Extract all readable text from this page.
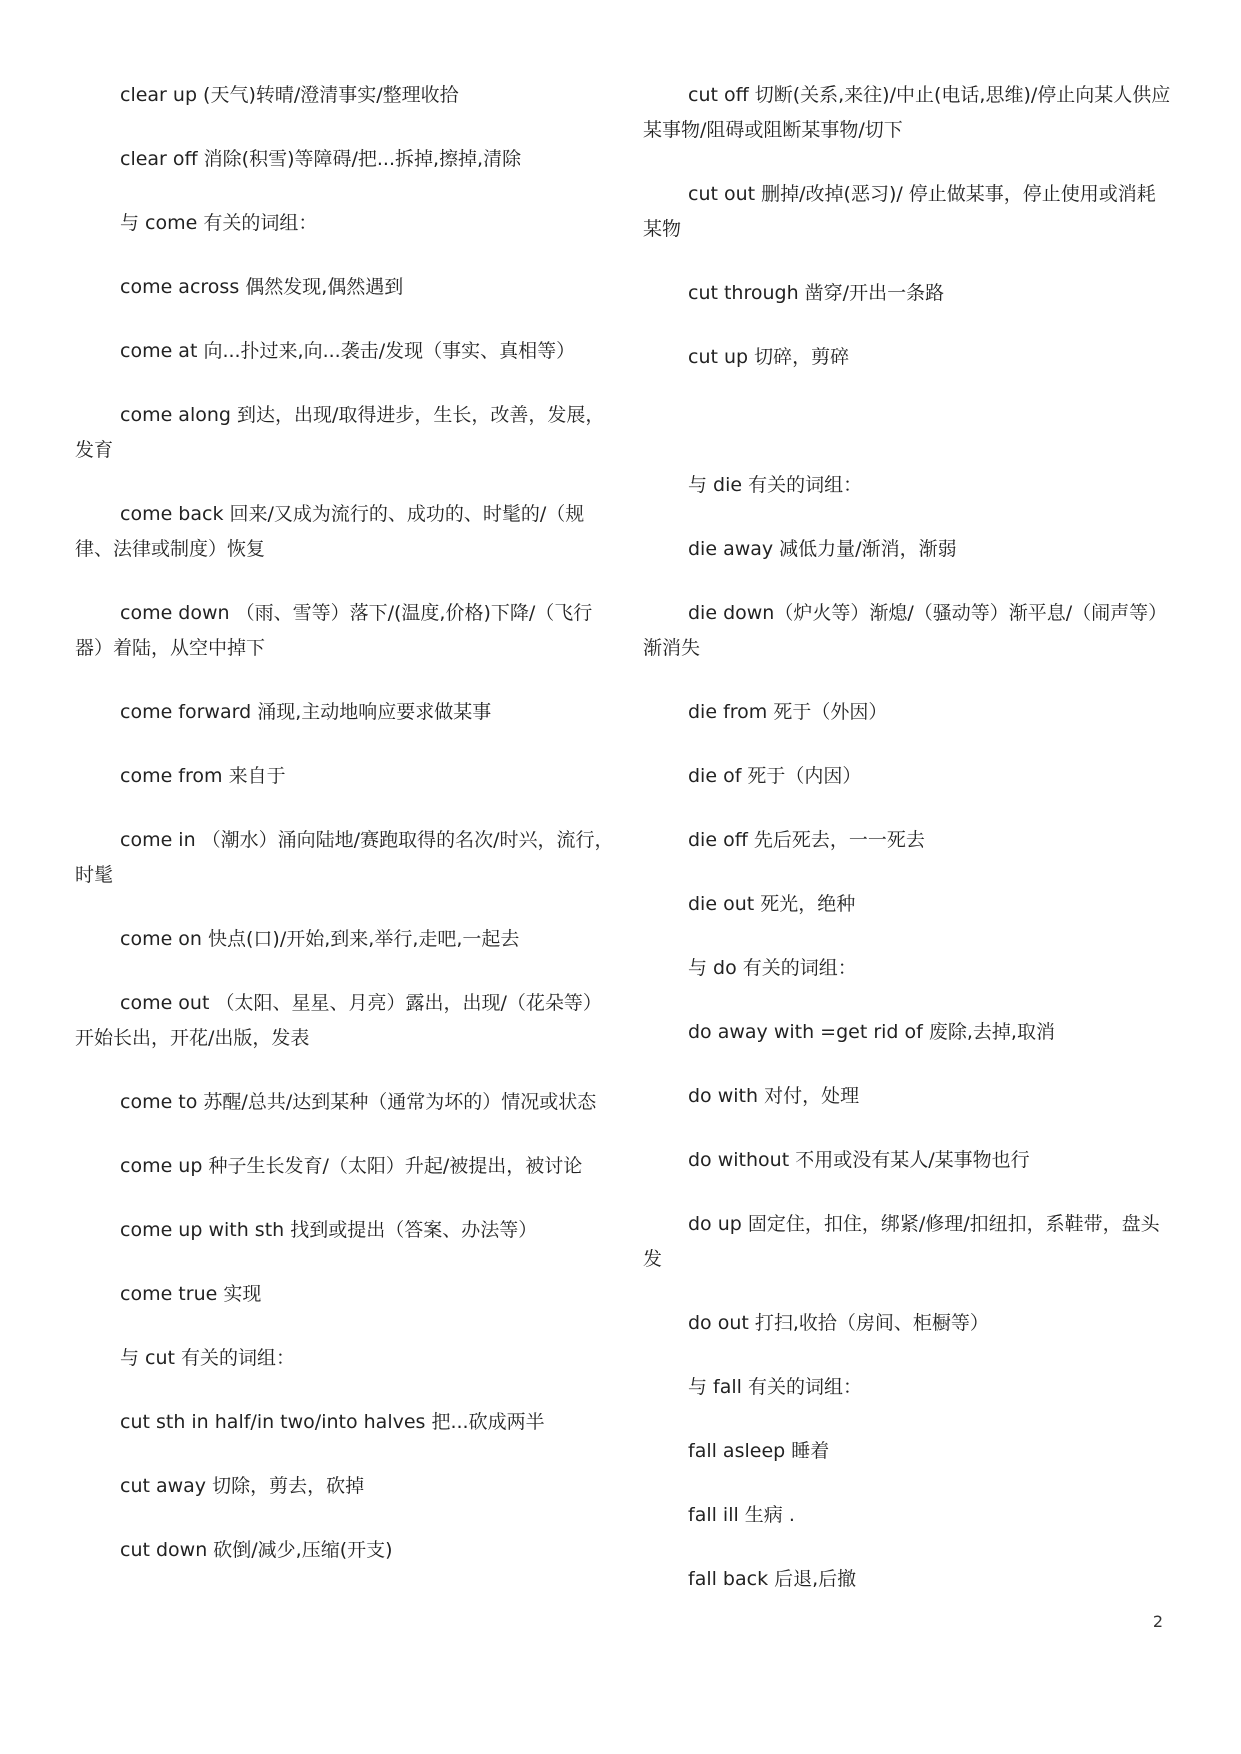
clear up (天气)转晴/澄清事实/整理收拾

clear off 消除(积雪)等障碍/把...拆掉,擦掉,清除

与 come 有关的词组：

come across 偶然发现,偶然遇到

come at 向...扑过来,向...袭击/发现（事实、真相等）

come along 到达，出现/取得进步，生长，改善，发展，发育

come back 回来/又成为流行的、成功的、时髦的/（规律、法律或制度）恢复

come down （雨、雪等）落下/(温度,价格)下降/（飞行器）着陆，从空中掉下

come forward 涌现,主动地响应要求做某事

come from 来自于

come in （潮水）涌向陆地/赛跑取得的名次/时兴，流行，时髦

come on 快点(口)/开始,到来,举行,走吧,一起去

come out （太阳、星星、月亮）露出，出现/（花朵等）开始长出，开花/出版，发表

come to 苏醒/总共/达到某种（通常为坏的）情况或状态

come up 种子生长发育/（太阳）升起/被提出，被讨论

come up with sth 找到或提出（答案、办法等）

come true 实现

与 cut 有关的词组：

cut sth in half/in two/into halves 把...砍成两半

cut away 切除，剪去，砍掉

cut down 砍倒/减少,压缩(开支)

cut off 切断(关系,来往)/中止(电话,思维)/停止向某人供应某事物/阻碍或阻断某事物/切下

cut out 删掉/改掉(恶习)/ 停止做某事，停止使用或消耗某物

cut through 凿穿/开出一条路

cut up 切碎，剪碎

与 die 有关的词组：

die away 减低力量/渐消，渐弱

die down（炉火等）渐熄/（骚动等）渐平息/（闹声等）渐消失

die from 死于（外因）

die of 死于（内因）

die off 先后死去，一一死去

die out 死光，绝种

与 do 有关的词组：

do away with =get rid of 废除,去掉,取消

do with 对付，处理

do without 不用或没有某人/某事物也行

do up 固定住，扣住，绑紧/修理/扣纽扣，系鞋带，盘头发

do out 打扫,收拾（房间、柜橱等）

与 fall 有关的词组：

fall asleep 睡着

fall ill 生病 .

fall back 后退,后撤

2
